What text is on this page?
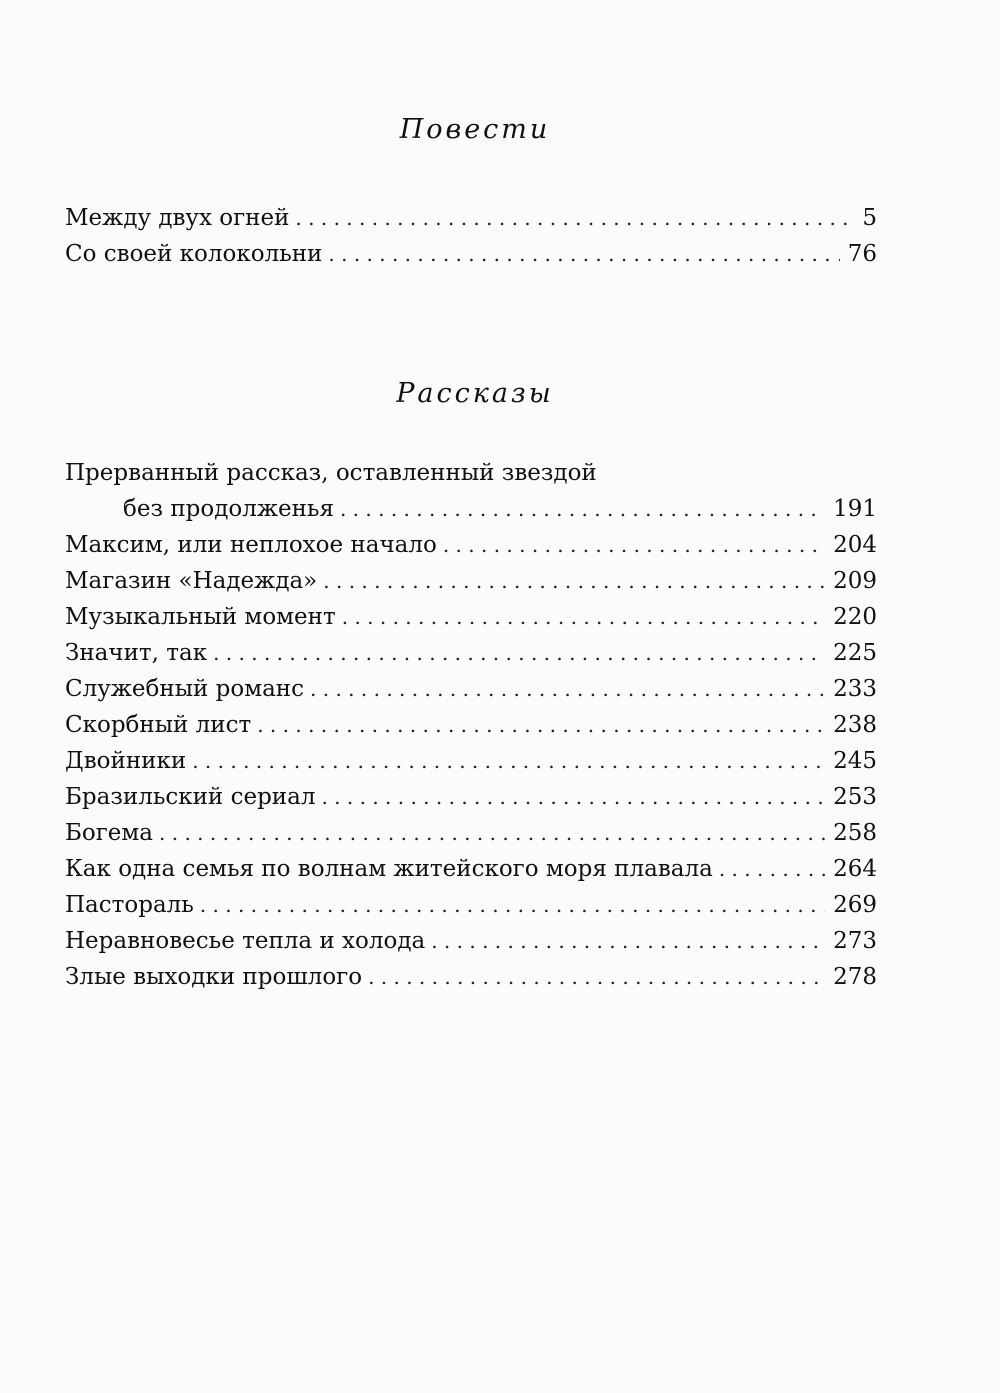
Повести
Между двух огней . . .	5
Со своей колокольни . . .	76
Рассказы
Прерванный рассказ, оставленный звездой
без продолженья . . .	191
Максим, или неплохое начало . . .	204
Магазин «Надежда» . . .	209
Музыкальный момент . . .	220
Значит, так . . .	225
Служебный романс . . .	233
Скорбный лист . . .	238
Двойники . . .	245
Бразильский сериал . . .	253
Богема . . .	258
Как одна семья по волнам житейского моря плавала . . .	264
Пастораль . . .	269
Неравновесье тепла и холода . . .	273
Злые выходки прошлого . . .	278
